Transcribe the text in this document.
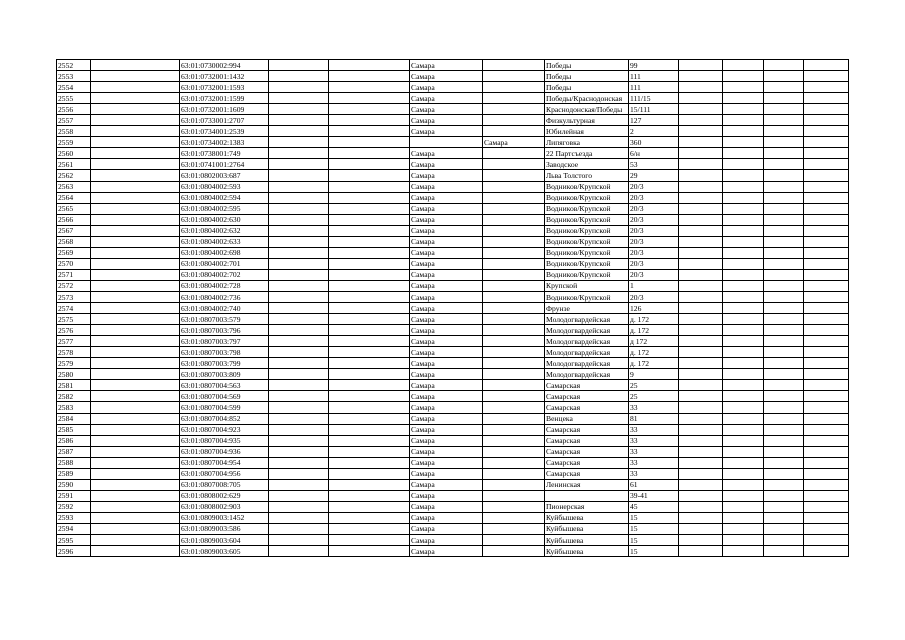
2552		63:01:0730002:994			Самара		Победы	99				
2553		63:01:0732001:1432			Самара		Победы	111				
2554		63:01:0732001:1593			Самара		Победы	111				
2555		63:01:0732001:1599			Самара		Победы/Краснодонская	111/15				
2556		63:01:0732001:1609			Самара		Краснодонская/Победы	15/111				
2557		63:01:0733001:2707			Самара		Физкультурная	127				
2558		63:01:0734001:2539			Самара		Юбилейная	2				
2559		63:01:0734002:1383				Самара	Липяговка	360				
2560		63:01:0738001:749			Самара		22 Партсъезда	6/н				
2561		63:01:0741001:2764			Самара		Заводское	53				
2562		63:01:0802003:687			Самара		Льва Толстого	29				
2563		63:01:0804002:593			Самара		Водников/Крупской	20/3				
2564		63:01:0804002:594			Самара		Водников/Крупской	20/3				
2565		63:01:0804002:595			Самара		Водников/Крупской	20/3				
2566		63:01:0804002:630			Самара		Водников/Крупской	20/3				
2567		63:01:0804002:632			Самара		Водников/Крупской	20/3				
2568		63:01:0804002:633			Самара		Водников/Крупской	20/3				
2569		63:01:0804002:698			Самара		Водников/Крупской	20/3				
2570		63:01:0804002:701			Самара		Водников/Крупской	20/3				
2571		63:01:0804002:702			Самара		Водников/Крупской	20/3				
2572		63:01:0804002:728			Самара		Крупской	1				
2573		63:01:0804002:736			Самара		Водников/Крупской	20/3				
2574		63:01:0804002:740			Самара		Фрунзе	126				
2575		63:01:0807003:579			Самара		Молодогвардейская	д. 172				
2576		63:01:0807003:796			Самара		Молодогвардейская	д. 172				
2577		63:01:0807003:797			Самара		Молодогвардейская	д 172				
2578		63:01:0807003:798			Самара		Молодогвардейская	д. 172				
2579		63:01:0807003:799			Самара		Молодогвардейская	д. 172				
2580		63:01:0807003:809			Самара		Молодогвардейская	9				
2581		63:01:0807004:563			Самара		Самарская	25				
2582		63:01:0807004:569			Самара		Самарская	25				
2583		63:01:0807004:599			Самара		Самарская	33				
2584		63:01:0807004:852			Самара		Венцека	81				
2585		63:01:0807004:923			Самара		Самарская	33				
2586		63:01:0807004:935			Самара		Самарская	33				
2587		63:01:0807004:936			Самара		Самарская	33				
2588		63:01:0807004:954			Самара		Самарская	33				
2589		63:01:0807004:956			Самара		Самарская	33				
2590		63:01:0807008:705			Самара		Ленинская	61				
2591		63:01:0808002:629			Самара			39-41				
2592		63:01:0808002:903			Самара		Пионерская	45				
2593		63:01:0809003:1452			Самара		Куйбышева	15				
2594		63:01:0809003:586			Самара		Куйбышева	15				
2595		63:01:0809003:604			Самара		Куйбышева	15				
2596		63:01:0809003:605			Самара		Куйбышева	15				
